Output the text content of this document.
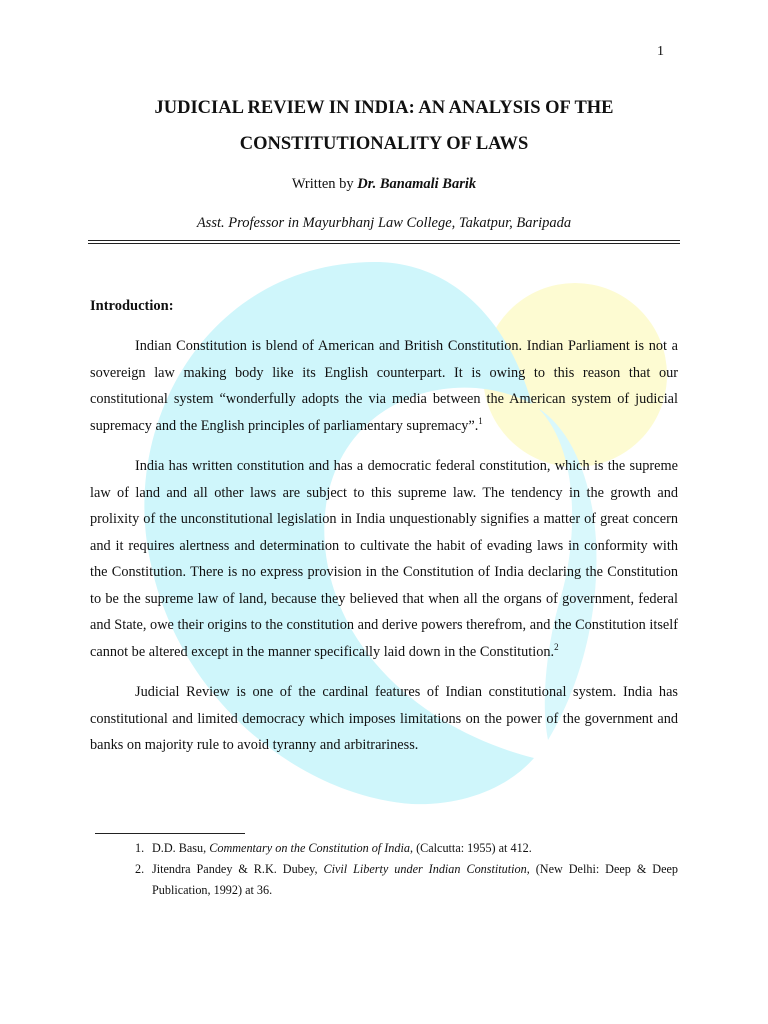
1
JUDICIAL REVIEW IN INDIA: AN ANALYSIS OF THE
CONSTITUTIONALITY OF LAWS
Written by Dr. Banamali Barik
Asst. Professor in Mayurbhanj Law College, Takatpur, Baripada
Introduction:

Indian Constitution is blend of American and British Constitution. Indian Parliament is not a sovereign law making body like its English counterpart. It is owing to this reason that our constitutional system “wonderfully adopts the via media between the American system of judicial supremacy and the English principles of parliamentary supremacy”.$^1$

India has written constitution and has a democratic federal constitution, which is the supreme law of land and all other laws are subject to this supreme law. The tendency in the growth and prolixity of the unconstitutional legislation in India unquestionably signifies a matter of great concern and it requires alertness and determination to cultivate the habit of evading laws in conformity with the Constitution. There is no express provision in the Constitution of India declaring the Constitution to be the supreme law of land, because they believed that when all the organs of government, federal and State, owe their origins to the constitution and derive powers therefrom, and the Constitution itself cannot be altered except in the manner specifically laid down in the Constitution.$^2$

Judicial Review is one of the cardinal features of Indian constitutional system. India has constitutional and limited democracy which imposes limitations on the power of the government and banks on majority rule to avoid tyranny and arbitrariness.

1. D.D. Basu, Commentary on the Constitution of India, (Calcutta: 1955) at 412.
2. Jitendra Pandey & R.K. Dubey, Civil Liberty under Indian Constitution, (New Delhi: Deep & Deep Publication, 1992) at 36.
